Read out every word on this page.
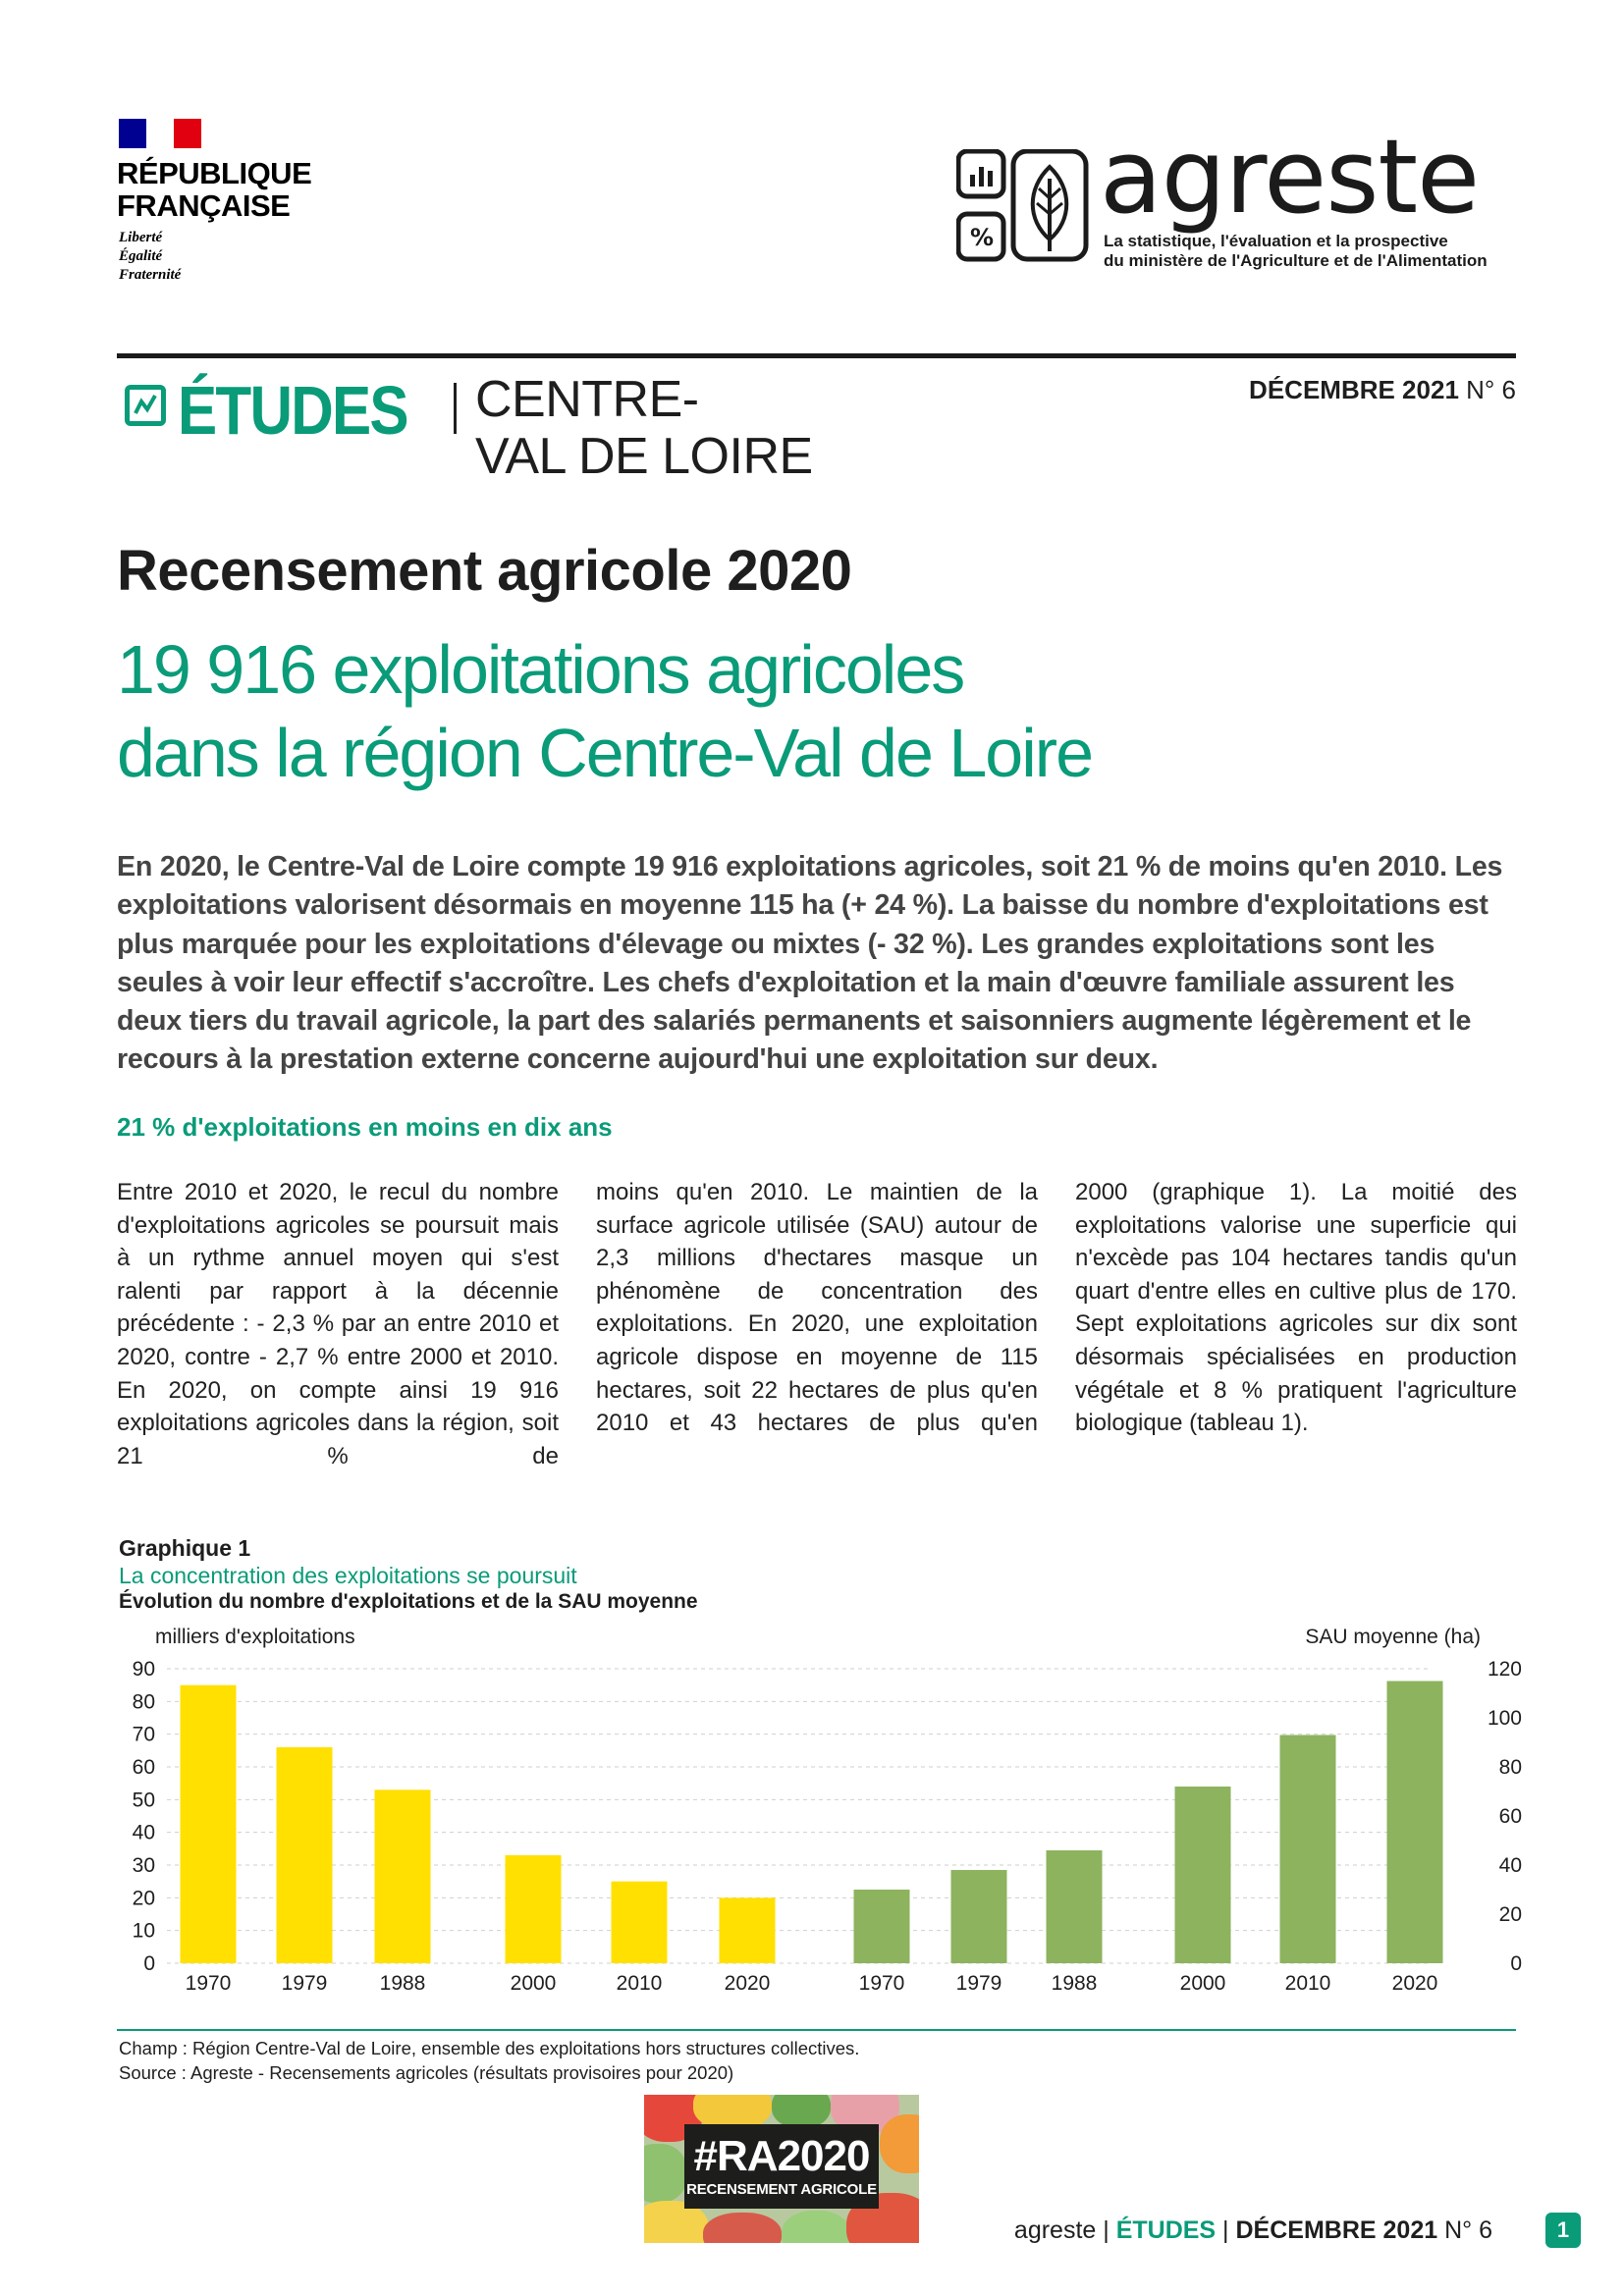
RÉPUBLIQUE
FRANÇAISE
Liberté
Égalité
Fraternité
%
agreste
La statistique, l'évaluation et la prospective
du ministère de l'Agriculture et de l'Alimentation
ÉTUDES CENTRE-
VAL DE LOIRE
DÉCEMBRE 2021 N° 6
Recensement agricole 2020
19 916 exploitations agricoles
dans la région Centre-Val de Loire
En 2020, le Centre-Val de Loire compte 19 916 exploitations agricoles, soit 21 % de moins qu'en 2010. Les exploitations valorisent désormais en moyenne 115 ha (+ 24 %). La baisse du nombre d'exploitations est plus marquée pour les exploitations d'élevage ou mixtes (- 32 %). Les grandes exploitations sont les seules à voir leur effectif s'accroître. Les chefs d'exploitation et la main d'œuvre familiale assurent les deux tiers du travail agricole, la part des salariés permanents et saisonniers augmente légèrement et le recours à la prestation externe concerne aujourd'hui une exploitation sur deux.
21 % d'exploitations en moins en dix ans
Entre 2010 et 2020, le recul du nombre d'exploitations agricoles se poursuit mais à un rythme annuel moyen qui s'est ralenti par rapport à la décennie précédente : - 2,3 % par an entre 2010 et 2020, contre - 2,7 % entre 2000 et 2010. En 2020, on compte ainsi 19 916 exploitations agricoles dans la région, soit 21 % de
moins qu'en 2010. Le maintien de la surface agricole utilisée (SAU) autour de 2,3 millions d'hectares masque un phénomène de concentration des exploitations. En 2020, une exploitation agricole dispose en moyenne de 115 hectares, soit 22 hectares de plus qu'en 2010 et 43 hectares de plus qu'en
2000 (graphique 1). La moitié des exploitations valorise une superficie qui n'excède pas 104 hectares tandis qu'un quart d'entre elles en cultive plus de 170. Sept exploitations agricoles sur dix sont désormais spécialisées en production végétale et 8 % pratiquent l'agriculture biologique (tableau 1).
Graphique 1
La concentration des exploitations se poursuit
Évolution du nombre d'exploitations et de la SAU moyenne
1970 1979	1988	2000	2010	2020
0
10
20
30
40
50
60
70
80
90
milliers d'exploitations
1970 1979 1988	2000	2010	2020
0
20
40
60
80
100
120
SAU moyenne (ha)
Champ : Région Centre-Val de Loire, ensemble des exploitations hors structures collectives.
Source : Agreste - Recensements agricoles (résultats provisoires pour 2020)
#RA2020
RECENSEMENT AGRICOLE
agreste | ÉTUDES | DÉCEMBRE 2021 N° 6	1
